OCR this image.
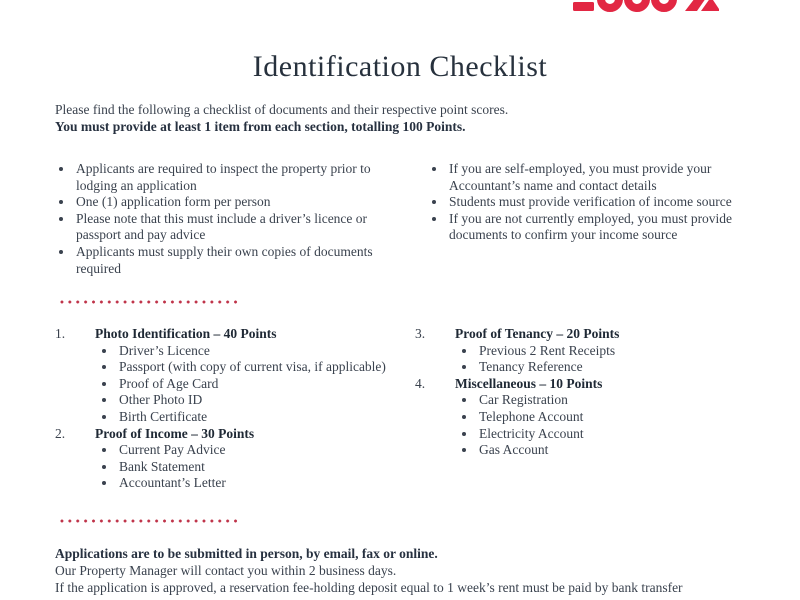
Identification Checklist
Please find the following a checklist of documents and their respective point scores.
You must provide at least 1 item from each section, totalling 100 Points.
• Applicants are required to inspect the property prior to lodging an application
• One (1) application form per person
• Please note that this must include a driver’s licence or passport and pay advice
• Applicants must supply their own copies of documents required
• If you are self-employed, you must provide your Accountant’s name and contact details
• Students must provide verification of income source
• If you are not currently employed, you must provide documents to confirm your income source
1.	Photo Identification – 40 Points
• Driver’s Licence
• Passport (with copy of current visa, if applicable)
• Proof of Age Card
• Other Photo ID
• Birth Certificate
2.	Proof of Income – 30 Points
• Current Pay Advice
• Bank Statement
• Accountant’s Letter
3.	Proof of Tenancy – 20 Points
• Previous 2 Rent Receipts
• Tenancy Reference
4.	Miscellaneous – 10 Points
• Car Registration
• Telephone Account
• Electricity Account
• Gas Account
Applications are to be submitted in person, by email, fax or online.
Our Property Manager will contact you within 2 business days.
If the application is approved, a reservation fee-holding deposit equal to 1 week’s rent must be paid by bank transfer
